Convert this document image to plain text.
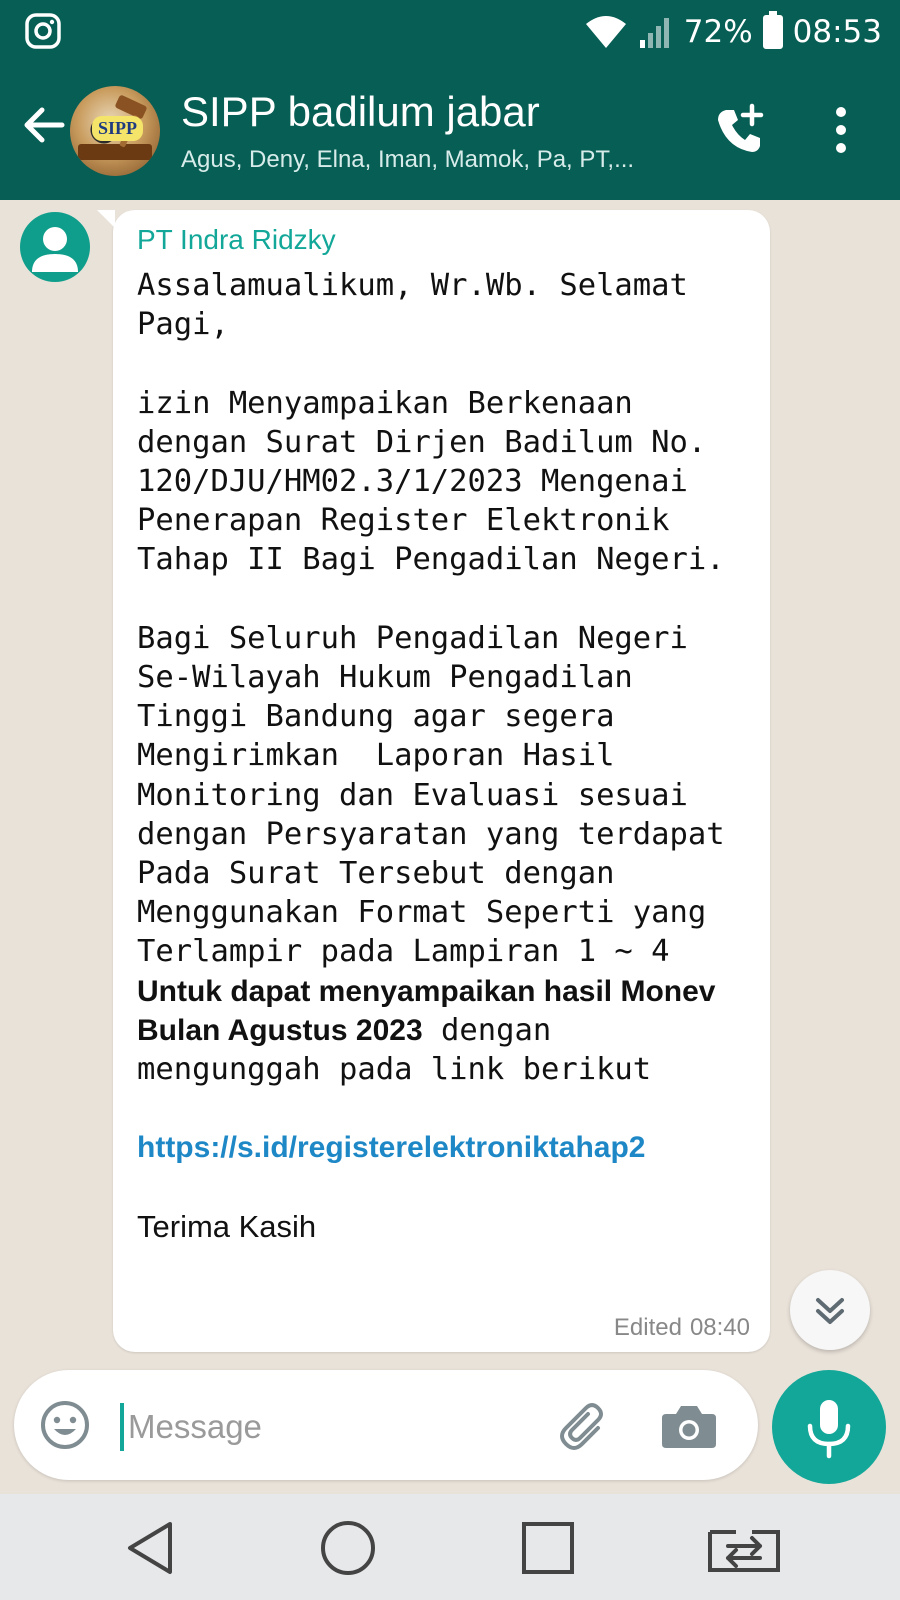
72% 08:53
SIPP SIPP badilum jabar
Agus, Deny, Elna, Iman, Mamok, Pa, PT,...
PT Indra Ridzky
Assalamualikum, Wr.Wb. Selamat Pagi,

izin Menyampaikan Berkenaan dengan Surat Dirjen Badilum No. 120/DJU/HM02.3/1/2023 Mengenai Penerapan Register Elektronik Tahap II Bagi Pengadilan Negeri.

Bagi Seluruh Pengadilan Negeri Se-Wilayah Hukum Pengadilan Tinggi Bandung agar segera Mengirimkan  Laporan Hasil Monitoring dan Evaluasi sesuai dengan Persyaratan yang terdapat Pada Surat Tersebut dengan Menggunakan Format Seperti yang Terlampir pada Lampiran 1 ~ 4 Untuk dapat menyampaikan hasil Monev Bulan Agustus 2023 dengan mengunggah pada link berikut

https://s.id/registerelektroniktahap2

Terima Kasih
Edited 08:40
Message
